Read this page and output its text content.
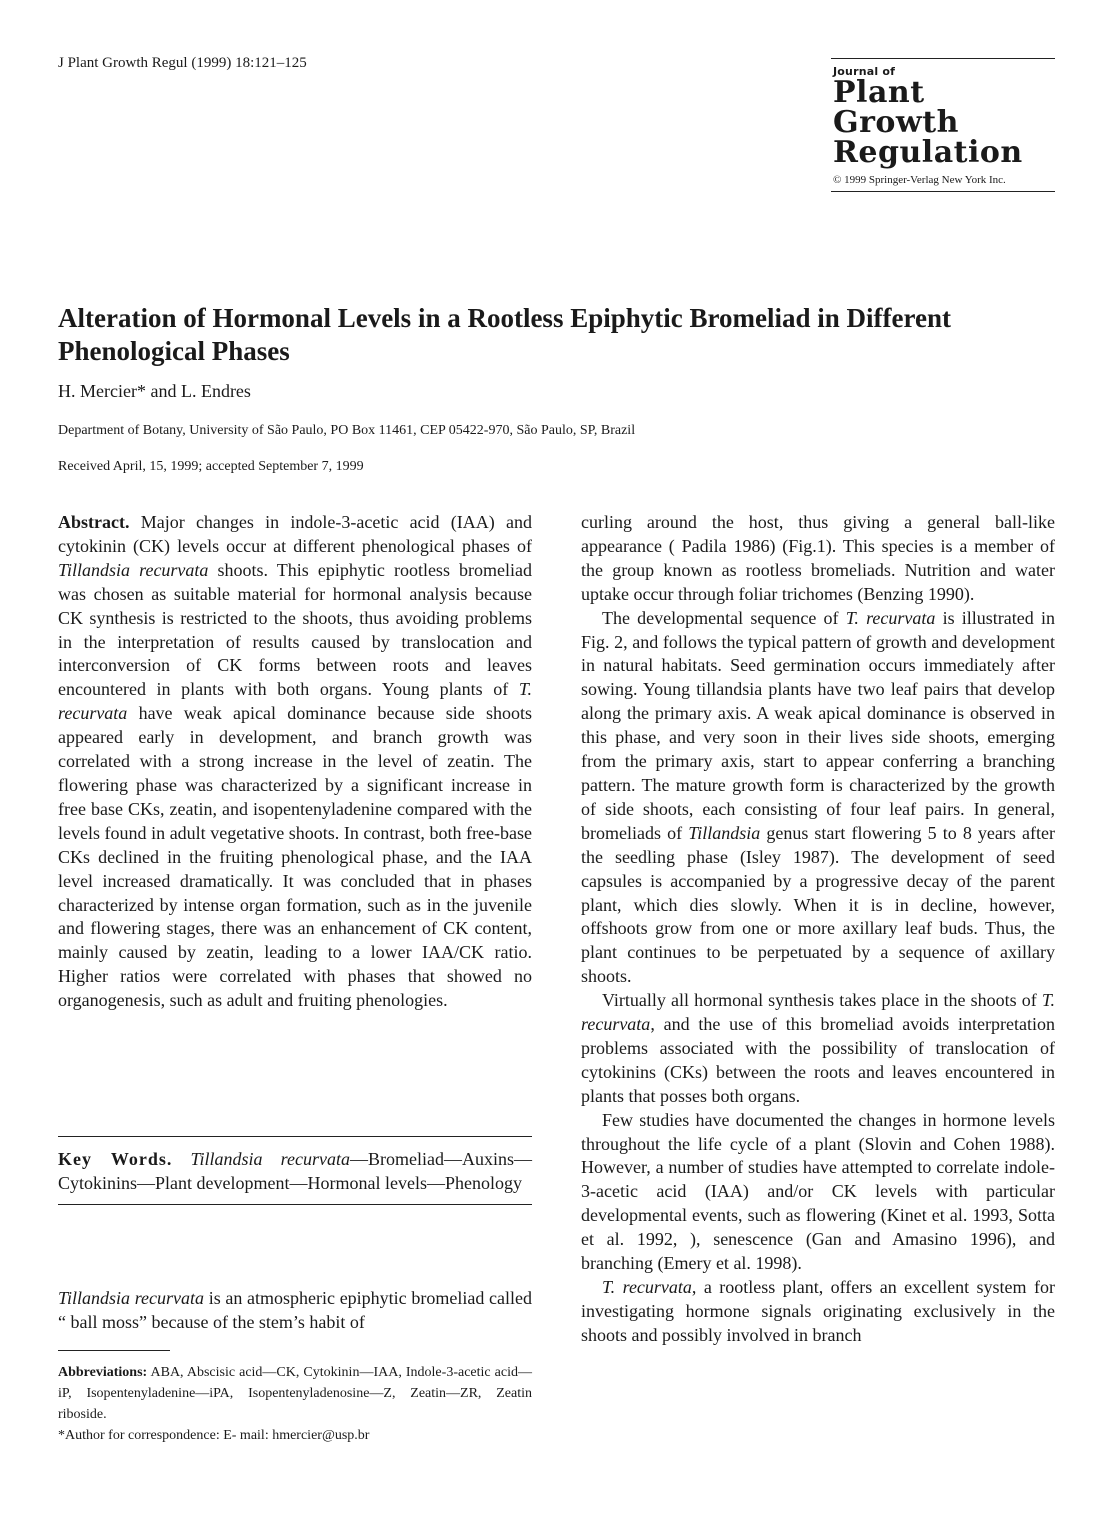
J Plant Growth Regul (1999) 18:121–125
Journal of
Plant
Growth
Regulation
© 1999 Springer-Verlag New York Inc.
Alteration of Hormonal Levels in a Rootless Epiphytic Bromeliad in Different Phenological Phases
H. Mercier* and L. Endres
Department of Botany, University of São Paulo, PO Box 11461, CEP 05422-970, São Paulo, SP, Brazil
Received April, 15, 1999; accepted September 7, 1999

Abstract. Major changes in indole-3-acetic acid (IAA) and cytokinin (CK) levels occur at different phenological phases of Tillandsia recurvata shoots. This epiphytic rootless bromeliad was chosen as suitable material for hormonal analysis because CK synthesis is restricted to the shoots, thus avoiding problems in the interpretation of results caused by translocation and interconversion of CK forms between roots and leaves encountered in plants with both organs. Young plants of T. recurvata have weak apical dominance because side shoots appeared early in development, and branch growth was correlated with a strong increase in the level of zeatin. The flowering phase was characterized by a significant increase in free base CKs, zeatin, and isopentenyladenine compared with the levels found in adult vegetative shoots. In contrast, both free-base CKs declined in the fruiting phenological phase, and the IAA level increased dramatically. It was concluded that in phases characterized by intense organ formation, such as in the juvenile and flowering stages, there was an enhancement of CK content, mainly caused by zeatin, leading to a lower IAA/CK ratio. Higher ratios were correlated with phases that showed no organogenesis, such as adult and fruiting phenologies.

Key Words. Tillandsia recurvata—Bromeliad—Auxins—Cytokinins—Plant development—Hormonal levels—Phenology
Tillandsia recurvata is an atmospheric epiphytic bromeliad called “ ball moss” because of the stem’s habit of

Abbreviations: ABA, Abscisic acid—CK, Cytokinin—IAA, Indole-3-acetic acid—iP, Isopentenyladenine—iPA, Isopentenyladenosine—Z, Zeatin—ZR, Zeatin riboside.

*Author for correspondence: E- mail: hmercier@usp.br

curling around the host, thus giving a general ball-like appearance ( Padila 1986) (Fig.1). This species is a member of the group known as rootless bromeliads. Nutrition and water uptake occur through foliar trichomes (Benzing 1990).

The developmental sequence of T. recurvata is illustrated in Fig. 2, and follows the typical pattern of growth and development in natural habitats. Seed germination occurs immediately after sowing. Young tillandsia plants have two leaf pairs that develop along the primary axis. A weak apical dominance is observed in this phase, and very soon in their lives side shoots, emerging from the primary axis, start to appear conferring a branching pattern. The mature growth form is characterized by the growth of side shoots, each consisting of four leaf pairs. In general, bromeliads of Tillandsia genus start flowering 5 to 8 years after the seedling phase (Isley 1987). The development of seed capsules is accompanied by a progressive decay of the parent plant, which dies slowly. When it is in decline, however, offshoots grow from one or more axillary leaf buds. Thus, the plant continues to be perpetuated by a sequence of axillary shoots.

Virtually all hormonal synthesis takes place in the shoots of T. recurvata, and the use of this bromeliad avoids interpretation problems associated with the possibility of translocation of cytokinins (CKs) between the roots and leaves encountered in plants that posses both organs.

Few studies have documented the changes in hormone levels throughout the life cycle of a plant (Slovin and Cohen 1988). However, a number of studies have attempted to correlate indole-3-acetic acid (IAA) and/or CK levels with particular developmental events, such as flowering (Kinet et al. 1993, Sotta et al. 1992, ), senescence (Gan and Amasino 1996), and branching (Emery et al. 1998).

T. recurvata, a rootless plant, offers an excellent system for investigating hormone signals originating exclusively in the shoots and possibly involved in branch
